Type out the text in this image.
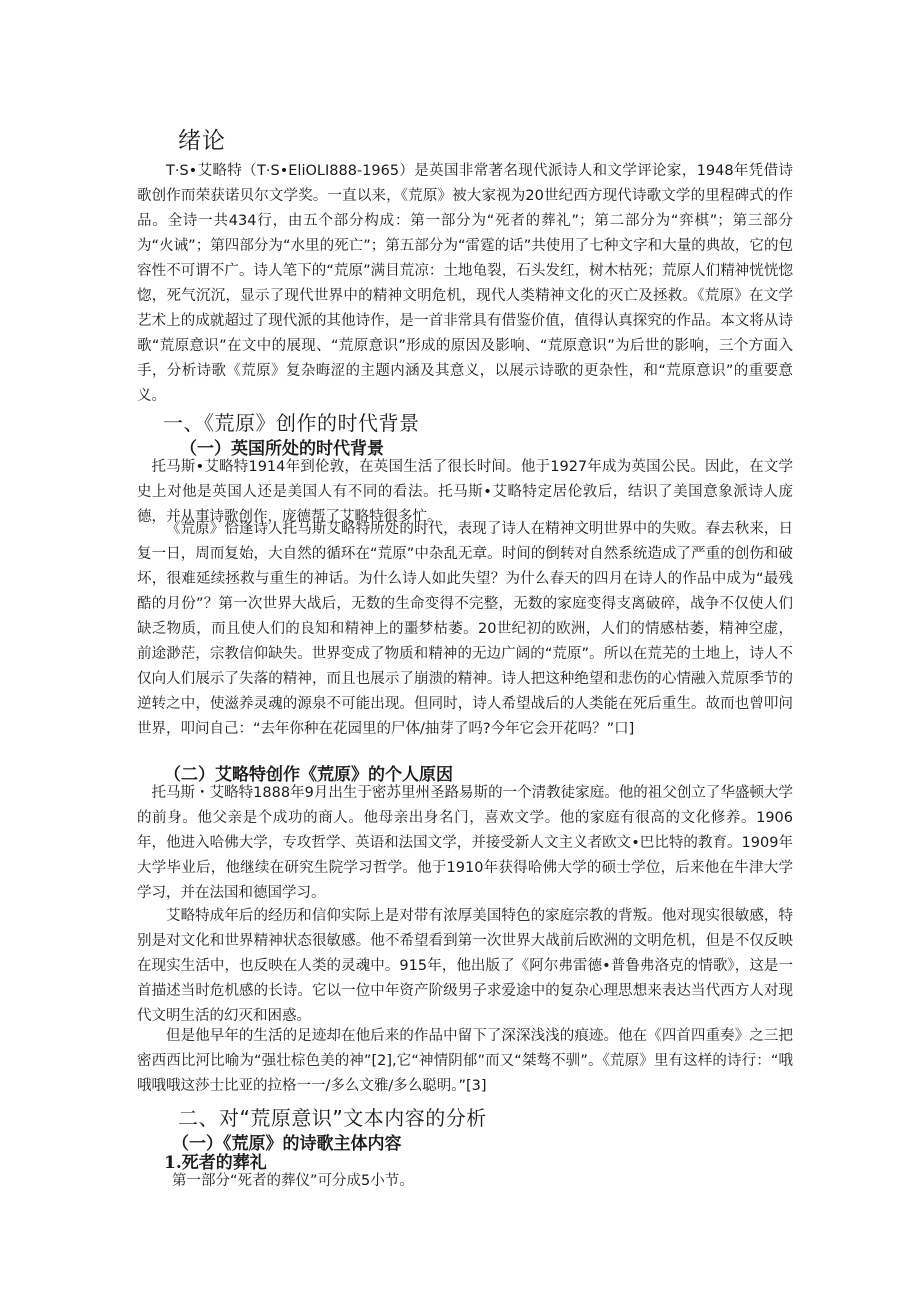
绪论

T·S•艾略特（T·S•EliOLI888-1965）是英国非常著名现代派诗人和文学评论家，1948年凭借诗歌创作而荣获诺贝尔文学奖。一直以来，《荒原》被大家视为20世纪西方现代诗歌文学的里程碑式的作品。全诗一共434行，由五个部分构成：第一部分为“死者的葬礼”；第二部分为“弈棋”；第三部分为“火诫”；第四部分为“水里的死亡”；第五部分为“雷霆的话”共使用了七种文字和大量的典故，它的包容性不可谓不广。诗人笔下的“荒原”满目荒凉：土地龟裂，石头发红，树木枯死；荒原人们精神恍恍惚惚，死气沉沉，显示了现代世界中的精神文明危机，现代人类精神文化的灭亡及拯救。《荒原》在文学艺术上的成就超过了现代派的其他诗作，是一首非常具有借鉴价值，值得认真探究的作品。本文将从诗歌“荒原意识”在文中的展现、“荒原意识”形成的原因及影响、“荒原意识”为后世的影响，三个方面入手，分析诗歌《荒原》复杂晦涩的主题内涵及其意义，以展示诗歌的更杂性，和“荒原意识”的重要意义。

一、《荒原》创作的时代背景
（一）英国所处的时代背景

托马斯•艾略特1914年到伦敦，在英国生活了很长时间。他于1927年成为英国公民。因此，在文学史上对他是英国人还是美国人有不同的看法。托马斯•艾略特定居伦敦后，结识了美国意象派诗人庞德，并从事诗歌创作，庞德帮了艾略特很多忙。

《荒原》恰逢诗人托马斯艾略特所处的时代，表现了诗人在精神文明世界中的失败。春去秋来，日复一日，周而复始，大自然的循环在“荒原”中杂乱无章。时间的倒转对自然系统造成了严重的创伤和破坏，很难延续拯救与重生的神话。为什么诗人如此失望？为什么春天的四月在诗人的作品中成为“最残酷的月份”？第一次世界大战后，无数的生命变得不完整，无数的家庭变得支离破碎，战争不仅使人们缺乏物质，而且使人们的良知和精神上的噩梦枯萎。20世纪初的欧洲，人们的情感枯萎，精神空虚，前途渺茫，宗教信仰缺失。世界变成了物质和精神的无边广阔的“荒原”。所以在荒芜的土地上，诗人不仅向人们展示了失落的精神，而且也展示了崩溃的精神。诗人把这种绝望和悲伤的心情融入荒原季节的逆转之中，使滋养灵魂的源泉不可能出现。但同时，诗人希望战后的人类能在死后重生。故而也曾叩问世界，叩问自己：“去年你种在花园里的尸体/抽芽了吗?今年它会开花吗？”口]

（二）艾略特创作《荒原》的个人原因

托马斯・艾略特1888年9月出生于密苏里州圣路易斯的一个清教徒家庭。他的祖父创立了华盛顿大学的前身。他父亲是个成功的商人。他母亲出身名门，喜欢文学。他的家庭有很高的文化修养。1906年，他进入哈佛大学，专攻哲学、英语和法国文学，并接受新人文主义者欧文•巴比特的教育。1909年大学毕业后，他继续在研究生院学习哲学。他于1910年获得哈佛大学的硕士学位，后来他在牛津大学学习，并在法国和德国学习。

艾略特成年后的经历和信仰实际上是对带有浓厚美国特色的家庭宗教的背叛。他对现实很敏感，特别是对文化和世界精神状态很敏感。他不希望看到第一次世界大战前后欧洲的文明危机，但是不仅反映在现实生活中，也反映在人类的灵魂中。915年，他出版了《阿尔弗雷德•普鲁弗洛克的情歌》，这是一首描述当时危机感的长诗。它以一位中年资产阶级男子求爱途中的复杂心理思想来表达当代西方人对现代文明生活的幻灭和困惑。

但是他早年的生活的足迹却在他后来的作品中留下了深深浅浅的痕迹。他在《四首四重奏》之三把密西西比河比喻为“强壮棕色美的神”[2],它“神情阴郁”而又“桀骜不驯”。《荒原》里有这样的诗行：“哦哦哦哦这莎士比亚的拉格一一/多么文雅/多么聪明。”[3]

二、对“荒原意识”文本内容的分析
（一）《荒原》的诗歌主体内容
1.死者的葬礼

第一部分“死者的葬仪”可分成5小节。
